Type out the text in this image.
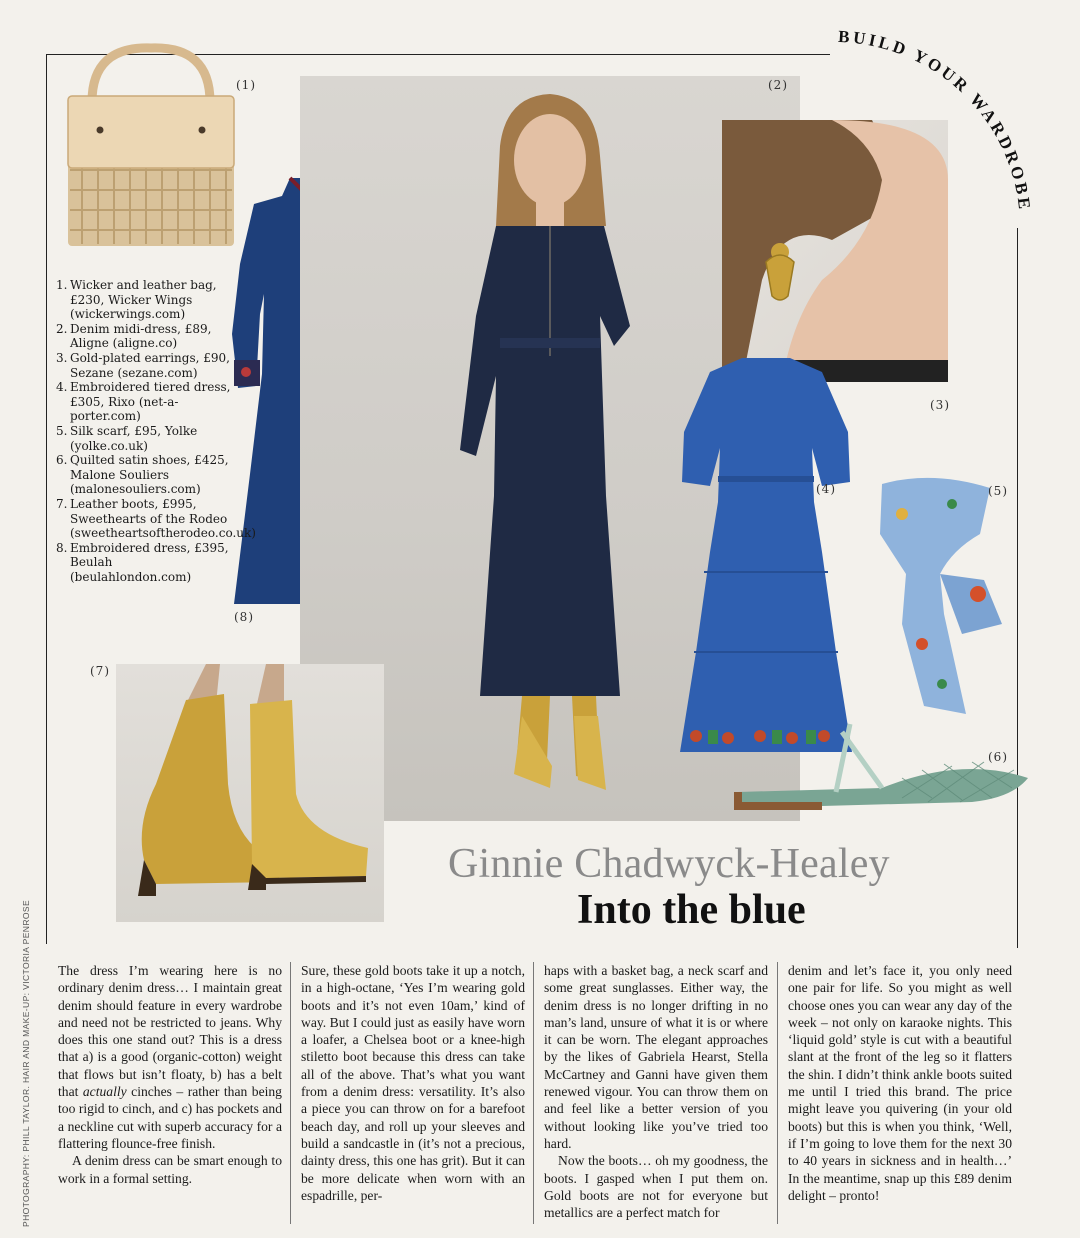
BUILD YOUR WARDROBE
(1)
(8)
1. Wicker and leather bag, £230, Wicker Wings (wickerwings.com)
2. Denim midi-dress, £89, Aligne (aligne.co)
3. Gold-plated earrings, £90, Sezane (sezane.com)
4. Embroidered tiered dress, £305, Rixo (net-a-porter.com)
5. Silk scarf, £95, Yolke (yolke.co.uk)
6. Quilted satin shoes, £425, Malone Souliers (malonesouliers.com)
7. Leather boots, £995, Sweethearts of the Rodeo (sweetheartsoftherodeo.co.uk)
8. Embroidered dress, £395, Beulah (beulahlondon.com)
(2)
(3)
(4)	(5)
(6)
(7)
PHOTOGRAPHY: PHILL TAYLOR. HAIR AND MAKE-UP: VICTORIA PENROSE
Ginnie Chadwyck-Healey
Into the blue

The dress I’m wearing here is no ordinary denim dress… I maintain great denim should feature in every wardrobe and need not be restricted to jeans. Why does this one stand out? This is a dress that a) is a good (organic-cotton) weight that flows but isn’t floaty, b) has a belt that actually cinches – rather than being too rigid to cinch, and c) has pockets and a neckline cut with superb accuracy for a flattering flounce-free finish.

A denim dress can be smart enough to work in a formal setting.

Sure, these gold boots take it up a notch, in a high-octane, ‘Yes I’m wearing gold boots and it’s not even 10am,’ kind of way. But I could just as easily have worn a loafer, a Chelsea boot or a knee-high stiletto boot because this dress can take all of the above. That’s what you want from a denim dress: versatility. It’s also a piece you can throw on for a barefoot beach day, and roll up your sleeves and build a sandcastle in (it’s not a precious, dainty dress, this one has grit). But it can be more delicate when worn with an espadrille, per-

haps with a basket bag, a neck scarf and some great sunglasses. Either way, the denim dress is no longer drifting in no man’s land, unsure of what it is or where it can be worn. The elegant approaches by the likes of Gabriela Hearst, Stella McCartney and Ganni have given them renewed vigour. You can throw them on and feel like a better version of you without looking like you’ve tried too hard.

Now the boots… oh my goodness, the boots. I gasped when I put them on. Gold boots are not for everyone but metallics are a perfect match for

denim and let’s face it, you only need one pair for life. So you might as well choose ones you can wear any day of the week – not only on karaoke nights. This ‘liquid gold’ style is cut with a beautiful slant at the front of the leg so it flatters the shin. I didn’t think ankle boots suited me until I tried this brand. The price might leave you quivering (in your old boots) but this is when you think, ‘Well, if I’m going to love them for the next 30 to 40 years in sickness and in health…’ In the meantime, snap up this £89 denim delight – pronto!
